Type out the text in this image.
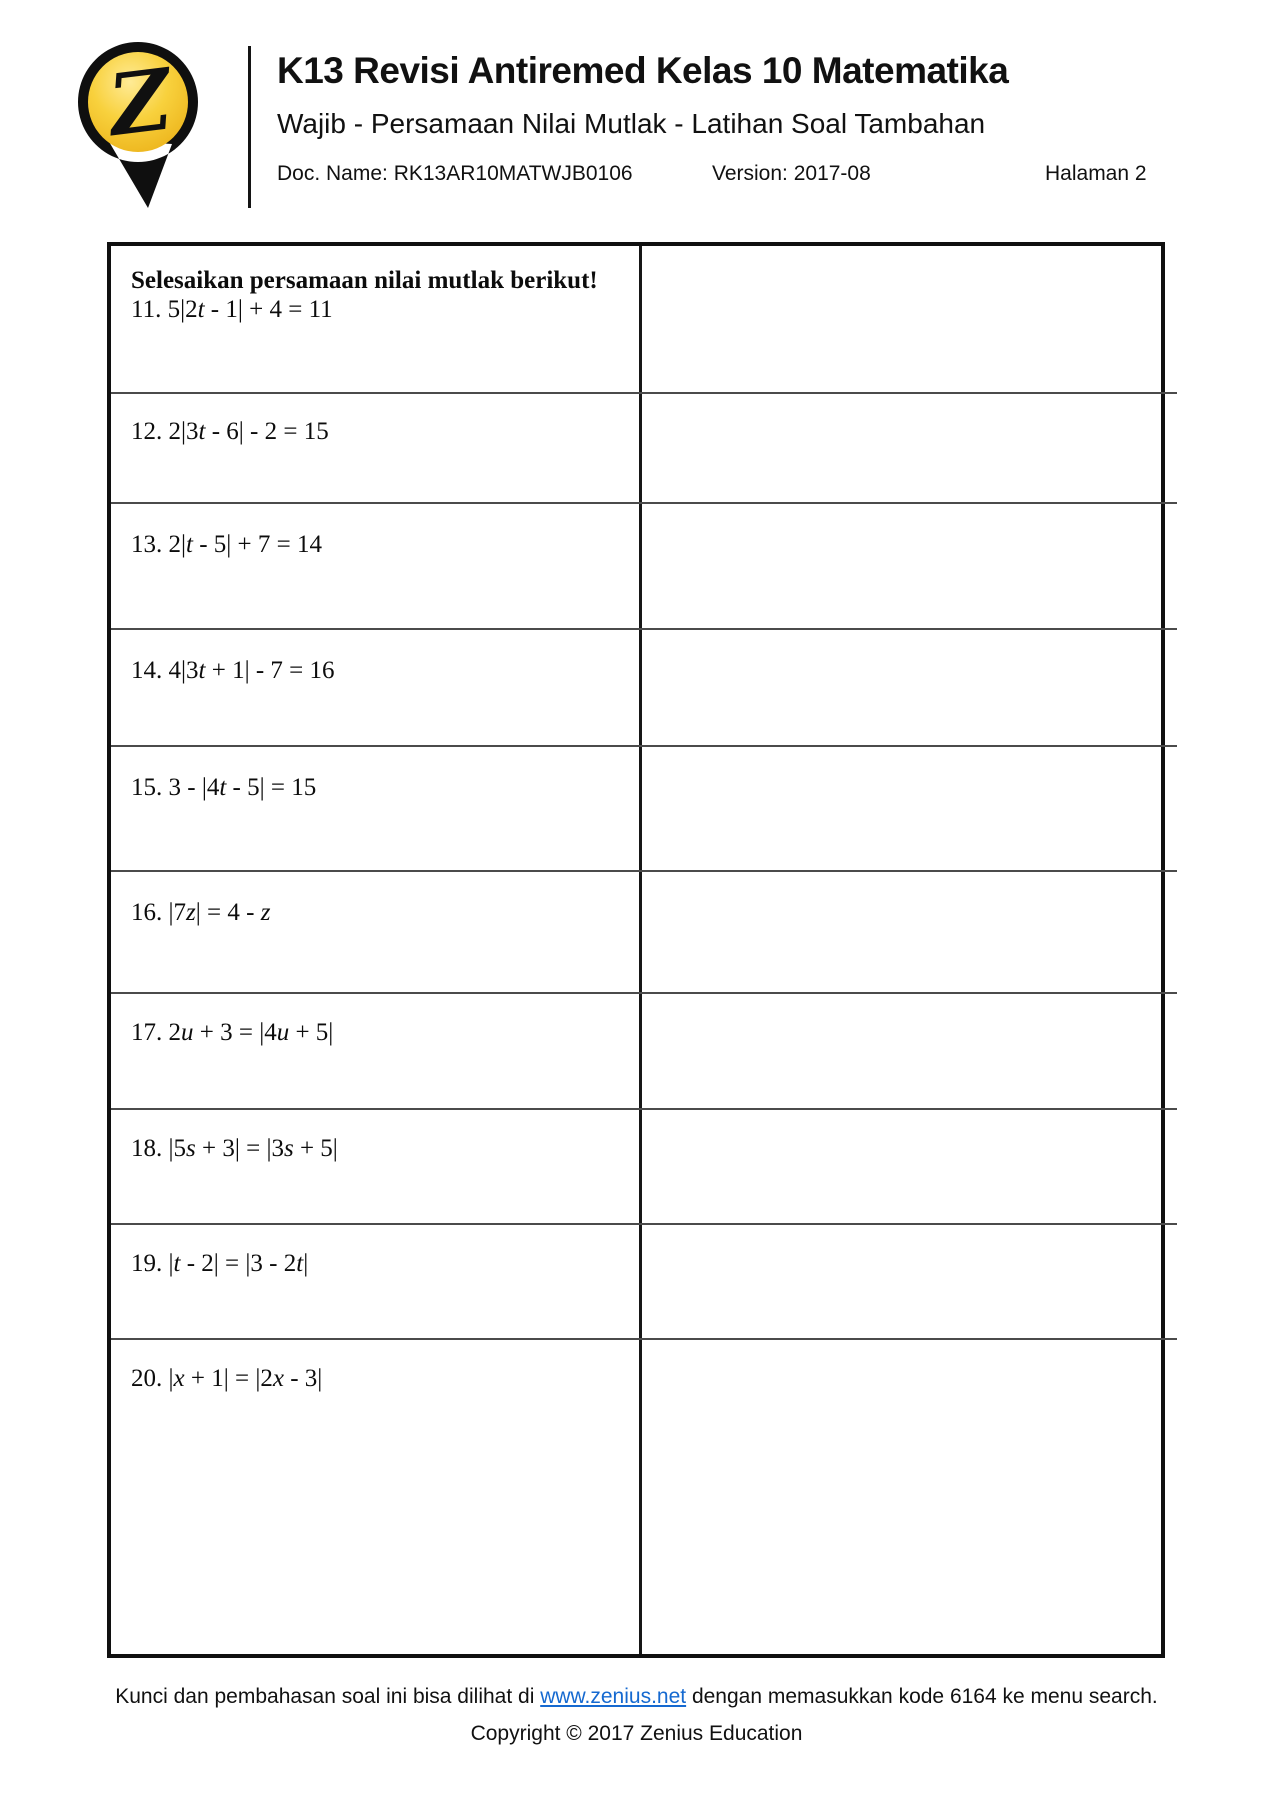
Z	K13 Revisi Antiremed Kelas 10 Matematika
Wajib - Persamaan Nilai Mutlak - Latihan Soal Tambahan
Doc. Name: RK13AR10MATWJB0106	Version: 2017-08	Halaman 2
Selesaikan persamaan nilai mutlak berikut!
11. 5|2t - 1| + 4 = 11
12. 2|3t - 6| - 2 = 15
13. 2|t - 5| + 7 = 14
14. 4|3t + 1| - 7 = 16
15. 3 - |4t - 5| = 15
16. |7z| = 4 - z
17. 2u + 3 = |4u + 5|
18. |5s + 3| = |3s + 5|
19. |t - 2| = |3 - 2t|
20. |x + 1| = |2x - 3|

Kunci dan pembahasan soal ini bisa dilihat di www.zenius.net dengan memasukkan kode 6164 ke menu search.

Copyright © 2017 Zenius Education
